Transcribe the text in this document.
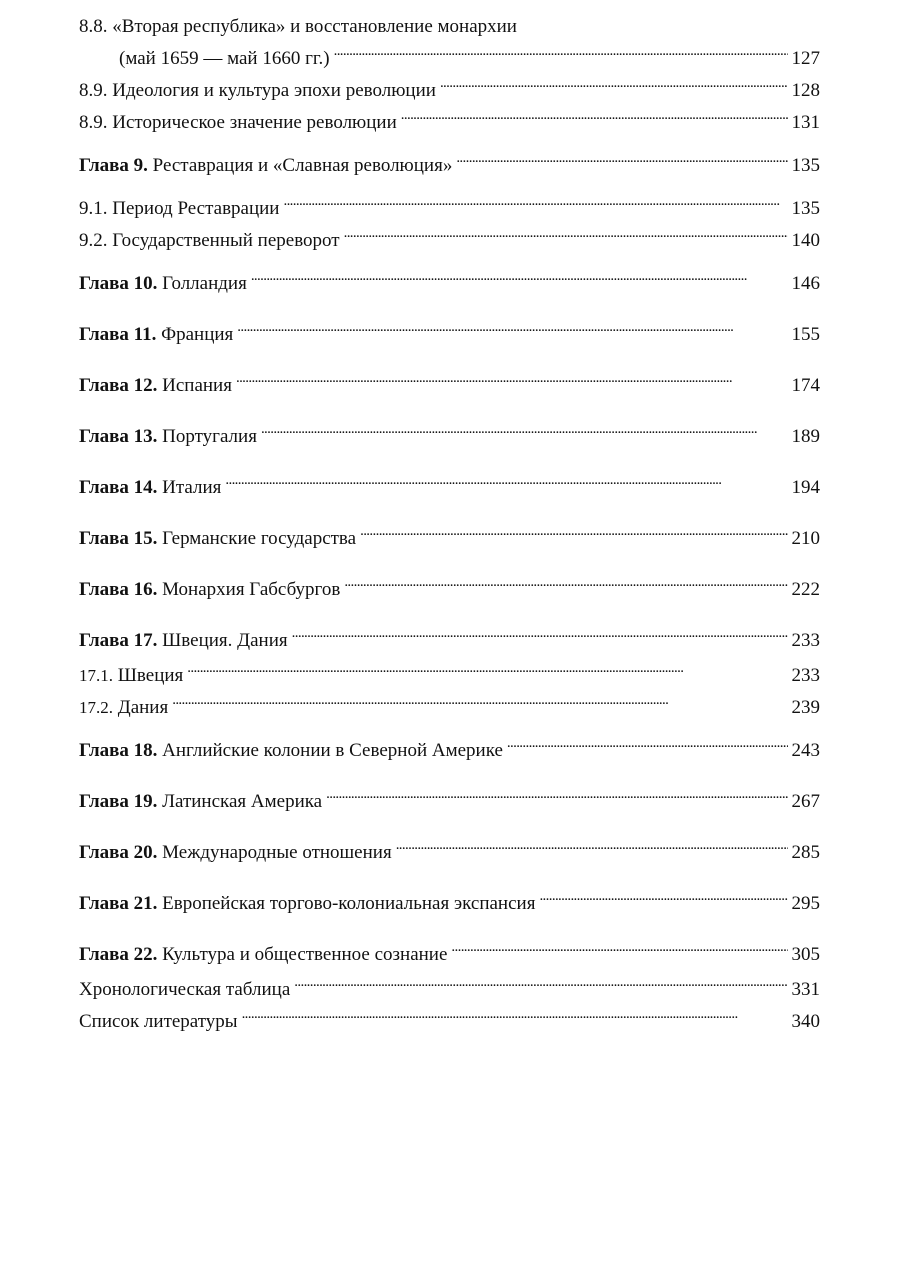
8.8. «Вторая республика» и восстановление монархии
(май 1659 — май 1660 гг.) . . .	127
8.9. Идеология и культура эпохи революции . . .	128
8.9. Историческое значение революции . . .	131
Глава 9. Реставрация и «Славная революция» . . .	135
9.1. Период Реставрации . . .	135
9.2. Государственный переворот . . .	140
Глава 10. Голландия . . .	146
Глава 11. Франция . . .	155
Глава 12. Испания . . .	174
Глава 13. Португалия . . .	189
Глава 14. Италия . . .	194
Глава 15. Германские государства . . .	210
Глава 16. Монархия Габсбургов . . .	222
Глава 17. Швеция. Дания . . .	233
17.1. Швеция . . .	233
17.2. Дания . . .	239
Глава 18. Английские колонии в Северной Америке . . .	243
Глава 19. Латинская Америка . . .	267
Глава 20. Международные отношения . . .	285
Глава 21. Европейская торгово-колониальная экспансия . . .	295
Глава 22. Культура и общественное сознание . . .	305
Хронологическая таблица . . .	331
Список литературы . . .	340
